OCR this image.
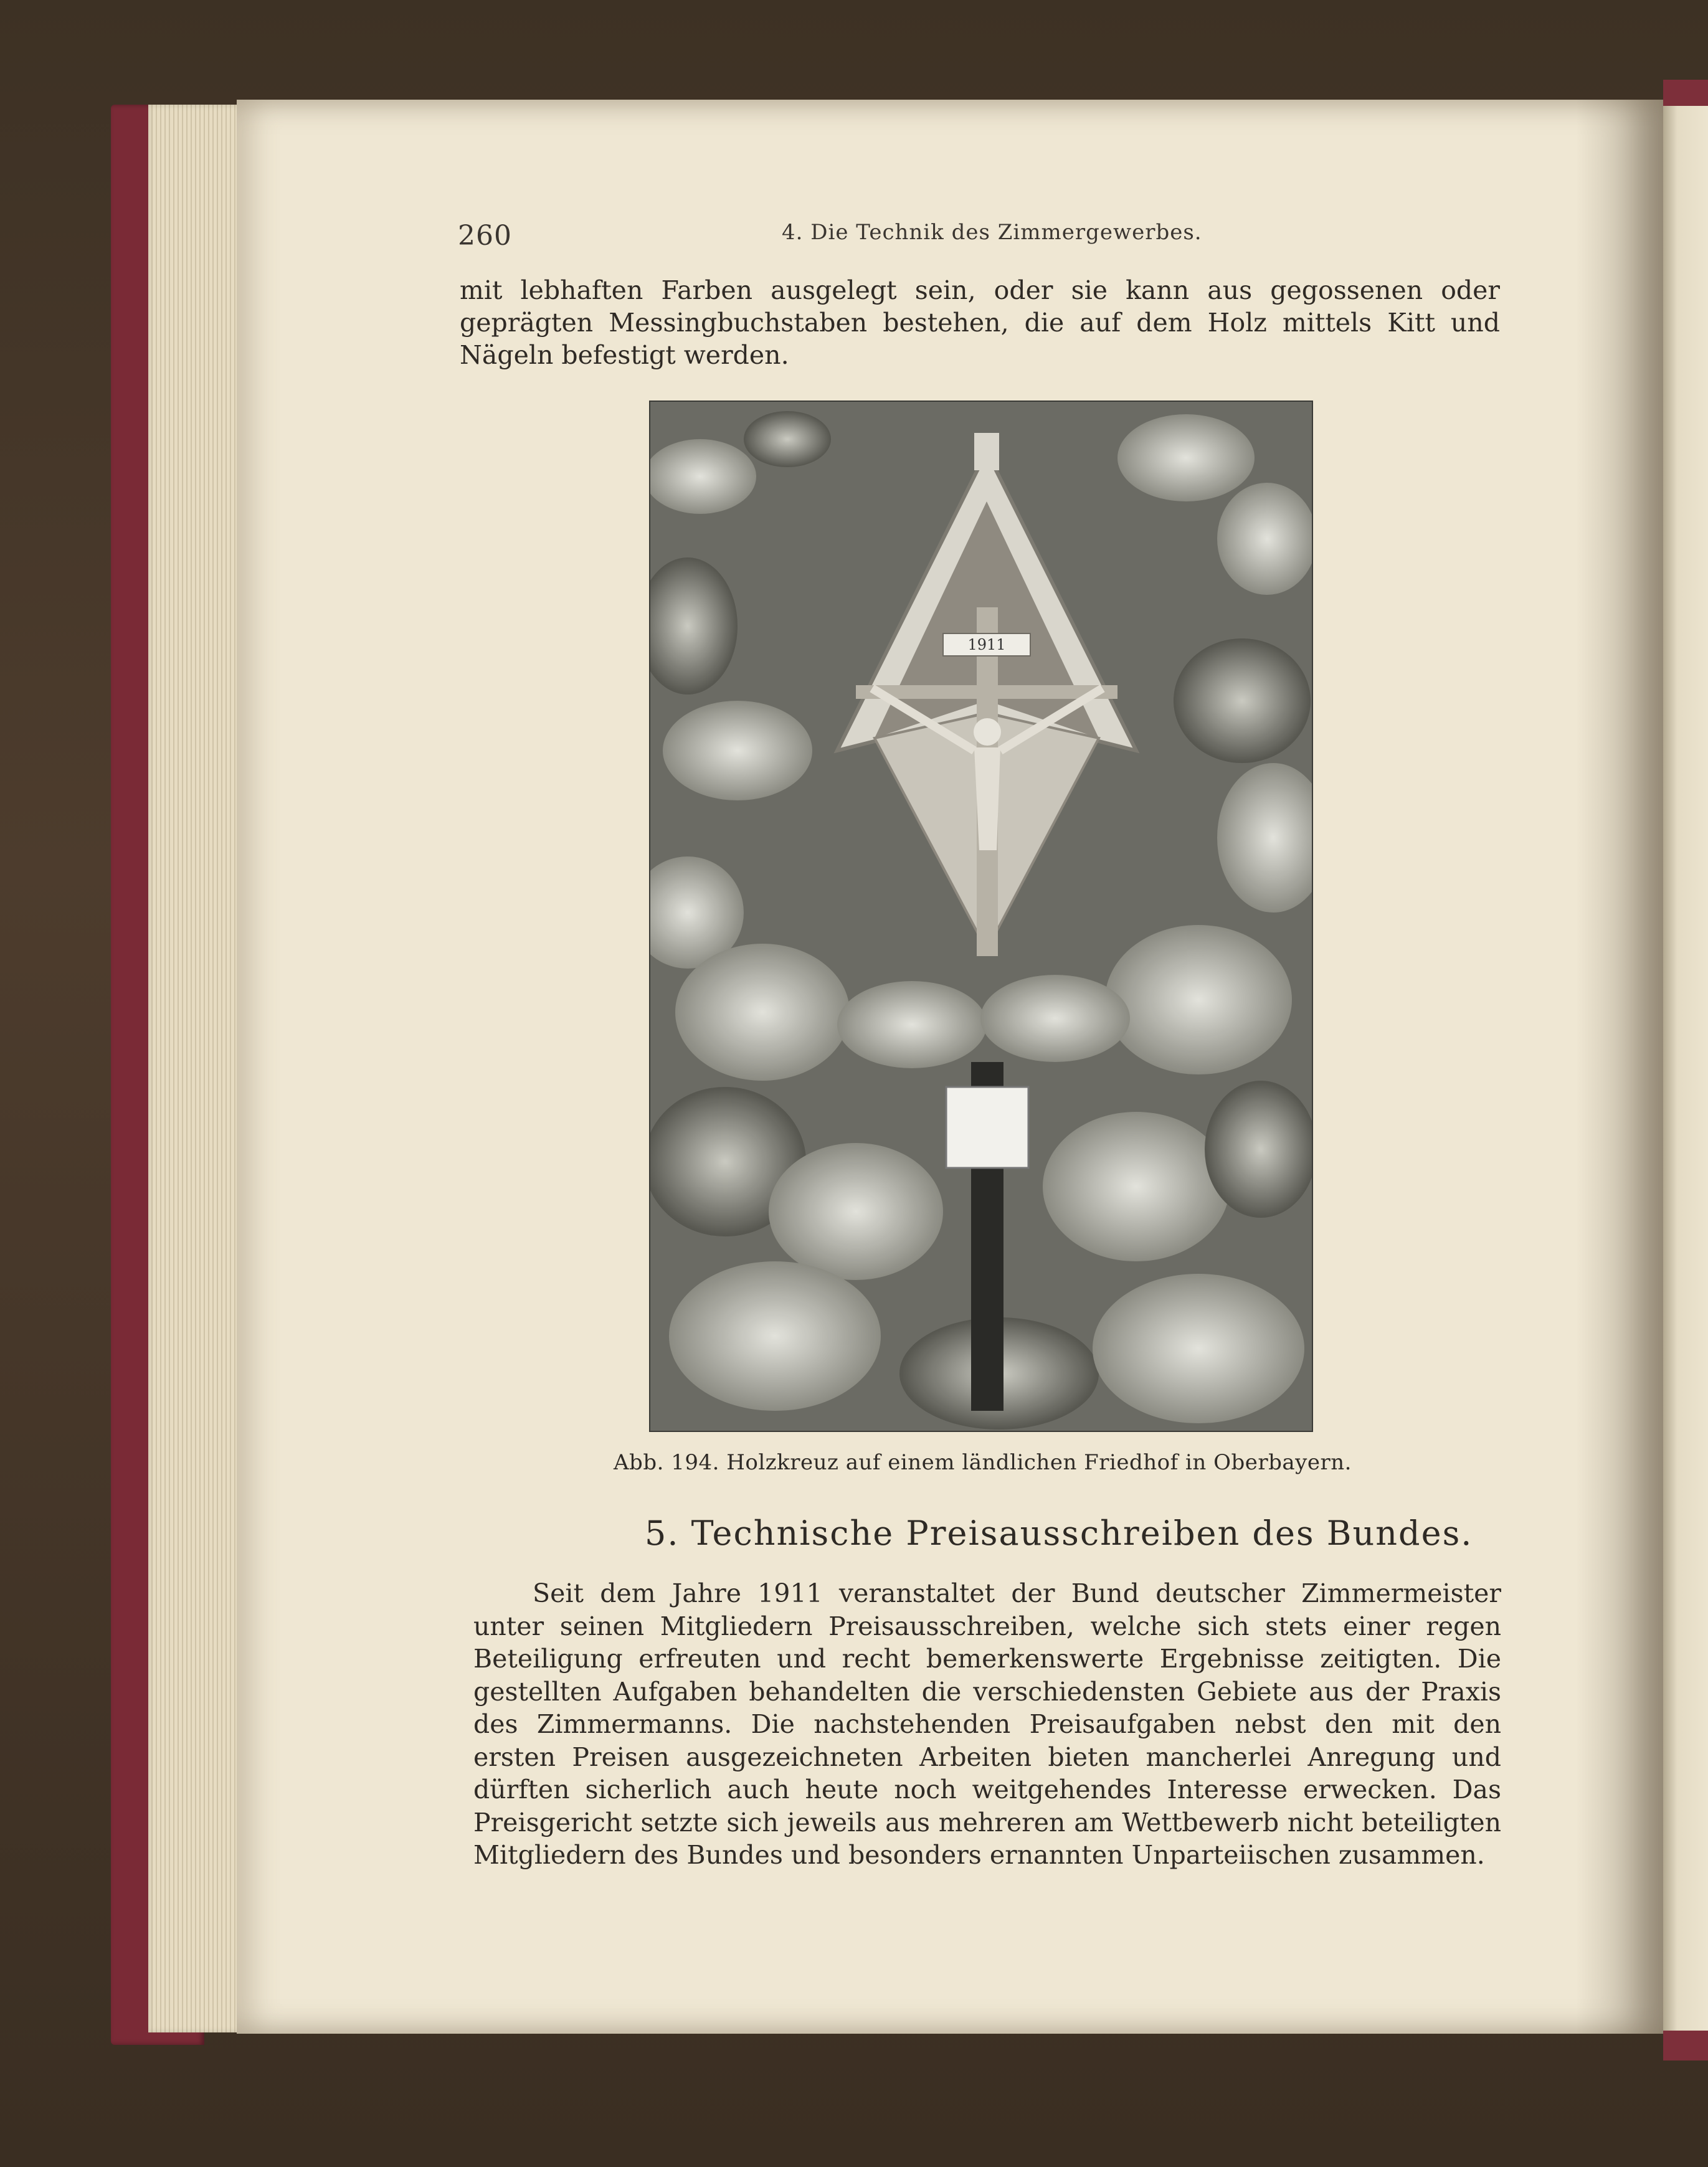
260	4. Die Technik des Zimmergewerbes.
mit lebhaften Farben ausgelegt sein, oder sie kann aus gegossenen oder geprägten Messingbuchstaben bestehen, die auf dem Holz mittels Kitt und Nägeln befestigt werden.
1911
Abb. 194. Holzkreuz auf einem ländlichen Friedhof in Oberbayern.
5. Technische Preisausschreiben des Bundes.
Seit dem Jahre 1911 veranstaltet der Bund deutscher Zimmermeister unter seinen Mitgliedern Preisausschreiben, welche sich stets einer regen Beteiligung erfreuten und recht bemerkenswerte Ergebnisse zeitigten. Die gestellten Aufgaben behandelten die verschiedensten Gebiete aus der Praxis des Zimmermanns. Die nachstehenden Preisaufgaben nebst den mit den ersten Preisen ausgezeichneten Arbeiten bieten mancherlei Anregung und dürften sicherlich auch heute noch weitgehendes Interesse erwecken. Das Preisgericht setzte sich jeweils aus mehreren am Wettbewerb nicht beteiligten Mitgliedern des Bundes und besonders ernannten Unparteiischen zusammen.
